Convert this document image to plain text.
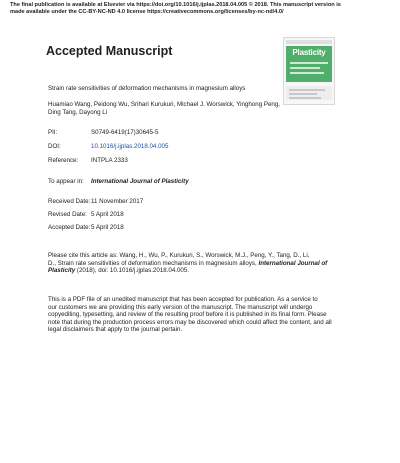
The final publication is available at Elsevier via https://doi.org/10.1016/j.ijplas.2018.04.005 © 2018. This manuscript version is
made available under the CC-BY-NC-ND 4.0 license https://creativecommons.org/licenses/by-nc-nd/4.0/
Accepted Manuscript	Plasticity
Strain rate sensitivities of deformation mechanisms in magnesium alloys
Huamiao Wang, Peidong Wu, Srihari Kurukuri, Michael J. Worswick, Yinghong Peng,
Ding Tang, Dayong Li
PII:	S0749-6419(17)30645-5
DOI:	10.1016/j.ijplas.2018.04.005
Reference: INTPLA 2333
To appear in: International Journal of Plasticity
Received Date: 11 November 2017
Revised Date: 5 April 2018
Accepted Date: 5 April 2018
Please cite this article as: Wang, H., Wu, P., Kurukuri, S., Worswick, M.J., Peng, Y., Tang, D., Li,
D., Strain rate sensitivities of deformation mechanisms in magnesium alloys, International Journal of
Plasticity (2018), doi: 10.1016/j.ijplas.2018.04.005.
This is a PDF file of an unedited manuscript that has been accepted for publication. As a service to
our customers we are providing this early version of the manuscript. The manuscript will undergo
copyediting, typesetting, and review of the resulting proof before it is published in its final form. Please
note that during the production process errors may be discovered which could affect the content, and all
legal disclaimers that apply to the journal pertain.
